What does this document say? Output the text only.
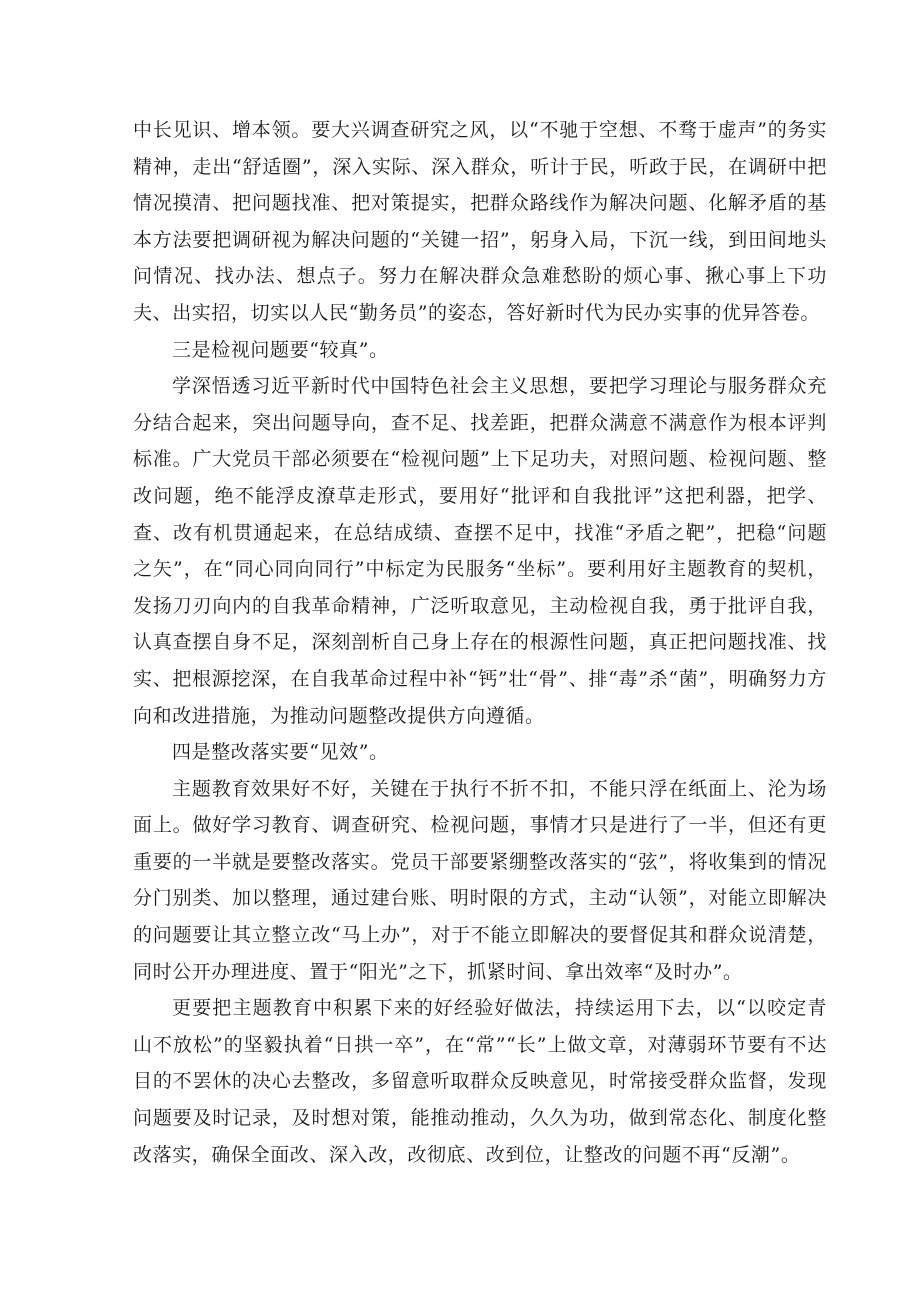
中长见识、增本领。要大兴调查研究之风，以“不驰于空想、不骛于虚声”的务实精神，走出“舒适圈”，深入实际、深入群众，听计于民，听政于民，在调研中把情况摸清、把问题找准、把对策提实，把群众路线作为解决问题、化解矛盾的基本方法要把调研视为解决问题的“关键一招”，躬身入局，下沉一线，到田间地头问情况、找办法、想点子。努力在解决群众急难愁盼的烦心事、揪心事上下功夫、出实招，切实以人民“勤务员”的姿态，答好新时代为民办实事的优异答卷。

三是检视问题要“较真”。

学深悟透习近平新时代中国特色社会主义思想，要把学习理论与服务群众充分结合起来，突出问题导向，查不足、找差距，把群众满意不满意作为根本评判标准。广大党员干部必须要在“检视问题”上下足功夫，对照问题、检视问题、整改问题，绝不能浮皮潦草走形式，要用好“批评和自我批评”这把利器，把学、查、改有机贯通起来，在总结成绩、查摆不足中，找准“矛盾之靶”，把稳“问题之矢”，在“同心同向同行”中标定为民服务“坐标”。要利用好主题教育的契机，发扬刀刃向内的自我革命精神，广泛听取意见，主动检视自我，勇于批评自我，认真查摆自身不足，深刻剖析自己身上存在的根源性问题，真正把问题找准、找实、把根源挖深，在自我革命过程中补“钙”壮“骨”、排“毒”杀“菌”，明确努力方向和改进措施，为推动问题整改提供方向遵循。

四是整改落实要“见效”。

主题教育效果好不好，关键在于执行不折不扣，不能只浮在纸面上、沦为场面上。做好学习教育、调查研究、检视问题，事情才只是进行了一半，但还有更重要的一半就是要整改落实。党员干部要紧绷整改落实的“弦”，将收集到的情况分门别类、加以整理，通过建台账、明时限的方式，主动“认领”，对能立即解决的问题要让其立整立改“马上办”，对于不能立即解决的要督促其和群众说清楚，同时公开办理进度、置于“阳光”之下，抓紧时间、拿出效率“及时办”。

更要把主题教育中积累下来的好经验好做法，持续运用下去，以“以咬定青山不放松”的坚毅执着“日拱一卒”，在“常”“长”上做文章，对薄弱环节要有不达目的不罢休的决心去整改，多留意听取群众反映意见，时常接受群众监督，发现问题要及时记录，及时想对策，能推动推动，久久为功，做到常态化、制度化整改落实，确保全面改、深入改，改彻底、改到位，让整改的问题不再“反潮”。
